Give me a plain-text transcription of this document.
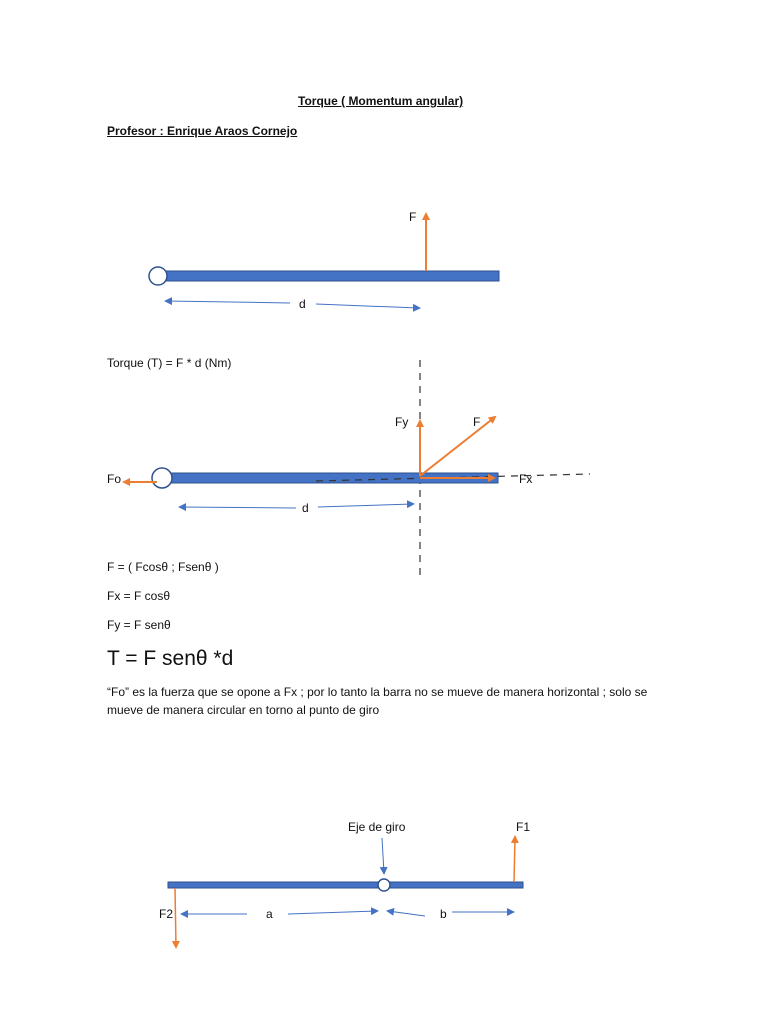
Torque ( Momentum angular)
Profesor : Enrique Araos Cornejo
F
d
Torque (T) = F * d (Nm)
Fy	F
Fo	Fx
d
F = ( Fcosθ ; Fsenθ )
Fx = F cosθ
Fy = F senθ
T = F senθ *d
“Fo” es la fuerza que se opone a Fx ; por lo tanto la barra no se mueve de manera horizontal ; solo se mueve de manera circular en torno al punto de giro
Eje de giro	F1
F2	a	b
